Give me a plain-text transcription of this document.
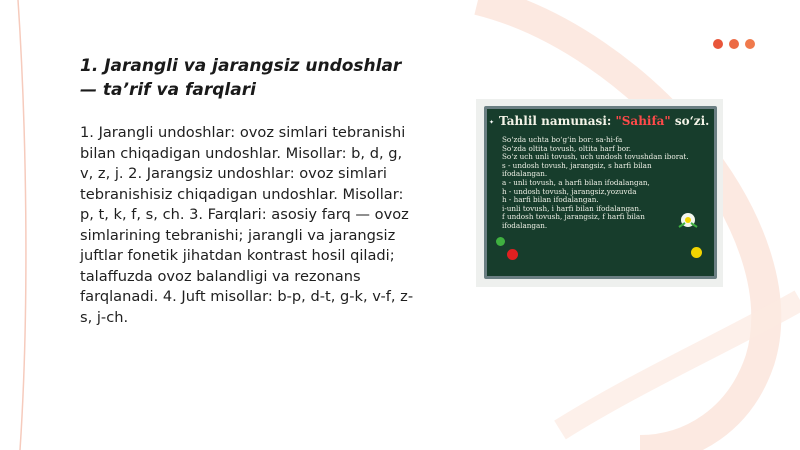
1. Jarangli va jarangsiz undoshlar — ta’rif va farqlari

1. Jarangli undoshlar: ovoz simlari tebranishi bilan chiqadigan undoshlar. Misollar: b, d, g, v, z, j. 2. Jarangsiz undoshlar: ovoz simlari tebranishisiz chiqadigan undoshlar. Misollar: p, t, k, f, s, ch. 3. Farqlari: asosiy farq — ovoz simlarining tebranishi; jarangli va jarangsiz juftlar fonetik jihatdan kontrast hosil qiladi; talaffuzda ovoz balandligi va rezonans farqlanadi. 4. Juft misollar: b-p, d-t, g-k, v-f, z-s, j-ch.

Tahlil namunasi: "Sahifa" so‘zi.
✦
So‘zda uchta bo‘g‘in bor: sa-hi-fa
So‘zda oltita tovush, oltita harf bor.
So‘z uch unli tovush, uch undosh tovushdan iborat.
s - undosh tovush, jarangsiz, s harfi bilan
ifodalangan.
a - unli tovush, a harfi bilan ifodalangan,
h - undosh tovush, jarangsiz,yozuvda
h - harfi bilan ifodalangan.
i-unli tovush, i harfi bilan ifodalangan.
f undosh tovush, jarangsiz, f harfi bilan
ifodalangan.
